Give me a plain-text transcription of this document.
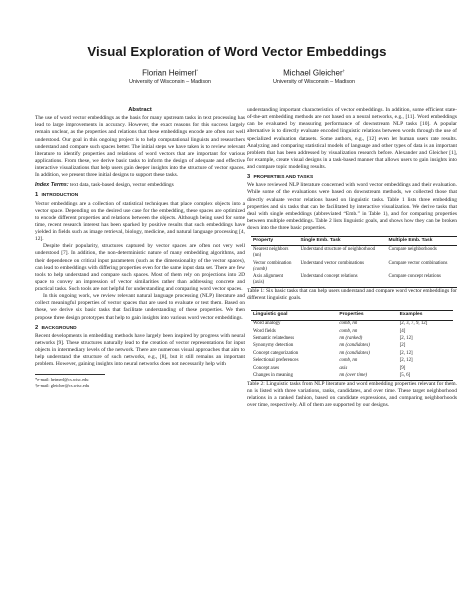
Visual Exploration of Word Vector Embeddings
Florian Heimerl*
University of Wisconsin – Madison
Michael Gleicher†
University of Wisconsin – Madison
Abstract

The use of word vector embeddings as the basis for many upstream tasks in text processing has lead to large improvements in accuracy. However, the exact reasons for this success largely remain unclear, as the properties and relations that these embeddings encode are often not well understood. Our goal in this ongoing project is to help computational linguists and researchers understand and compare such spaces better. The initial steps we have taken is to review relevant literature to identify properties and relations of word vectors that are important for various applications. From these, we derive basic tasks to inform the design of adequate and effective interactive visualizations that help users gain deeper insights into the structure of vector spaces. In addition, we present three initial designs to support these tasks.

Index Terms: text data, task-based design, vector embeddings

1 INTRODUCTION

Vector embeddings are a collection of statistical techniques that place complex objects into a vector space. Depending on the desired use case for the embedding, these spaces are optimized to encode different properties and relations between the objects. Although being used for some time, recent research interest has been sparked by positive results that such embeddings have yielded in fields such as image retrieval, biology, medicine, and natural language processing [4, 12].

Despite their popularity, structures captured by vector spaces are often not very well understood [7]. In addition, the non-deterministic nature of many embedding algorithms, and their dependence on critical input parameters (such as the dimensionality of the vector spaces), can lead to embeddings with differing properties even for the same input data set. There are few tools to help understand and compare such spaces. Most of them rely on projections into 2D space to convey an impression of vector similarities rather than addressing concrete and practical tasks. Such tools are not helpful for understanding and comparing word vector spaces.

In this ongoing work, we review relevant natural language processing (NLP) literature and collect meaningful properties of vector spaces that are used to evaluate or test them. Based on these, we derive six basic tasks that facilitate understanding of these properties. We then propose three design prototypes that help to gain insights into various word vector embeddings.

2 BACKGROUND

Recent developments in embedding methods have largely been inspired by progress with neural networks [9]. These structures naturally lead to the creation of vector representations for input objects in intermediary levels of the network. There are numerous visual approaches that aim to help understand the structure of such networks, e.g., [8], but it still remains an important problem. However, gaining insights into neural networks does not necessarily help with

*e-mail: heimerl@cs.wisc.edu
†e-mail: gleicher@cs.wisc.edu

understanding important characteristics of vector embeddings. In addition, some efficient state-of-the-art embedding methods are not based on a neural networks, e.g., [11]. Word embeddings can be evaluated by measuring performance of downstream NLP tasks [10]. A popular alternative is to directly evaluate encoded linguistic relations between words through the use of specialized evaluation datasets. Some authors, e.g., [12] even let human users rate results. Analyzing and comparing statistical models of language and other types of data is an important problem that has been addressed by visualization research before. Alexander and Gleicher [1], for example, create visual designs in a task-based manner that allows users to gain insights into and compare topic modeling results.

3 PROPERTIES AND TASKS

We have reviewed NLP literature concerned with word vector embeddings and their evaluation. While some of the evaluations were based on downstream methods, we collected those that directly evaluate vector relations based on linguistic tasks. Table 1 lists three embedding properties and six tasks that can be facilitated by interactive visualization. We derive tasks that deal with single embeddings (abbreviated “Emb.” in Table 1), and for comparing properties between multiple embeddings. Table 2 lists linguistic goals, and shows how they can be broken down into the three basic properties.

Property	Single Emb. Task	Multiple Emb. Task
Nearest neighbors
(nn)	Understand structure of neighborhood	Compare neighborhoods
Vector combination
(comb)	Understand vector combinations	Compare vector combinations
Axis alignment
(axis)	Understand concept relations	Compare concept relations

Table 1: Six basic tasks that can help users understand and compare word vector embeddings for different linguistic goals.

Linguistic goal	Properties	Examples
Word analogy	comb, nn	[2, 3, 7, 9, 12]
Word fields	comb, nn	[4]
Semantic relatedness	nn (ranked)	[2, 12]
Synonymy detection	nn (candidates)	[2]
Concept categorization	nn (candidates)	[2, 12]
Selectional preferences	comb, nn	[2, 12]
Concept axes	axis	[9]
Changes in meaning	nn (over time)	[5, 6]

Table 2: Linguistic tasks from NLP literature and word embedding properties relevant for them. nn is listed with three variations, ranks, candidates, and over time. These target neighborhood relations in a ranked fashion, based on candidate expressions, and comparing neighborhoods over time, respectively. All of them are supported by our designs.
